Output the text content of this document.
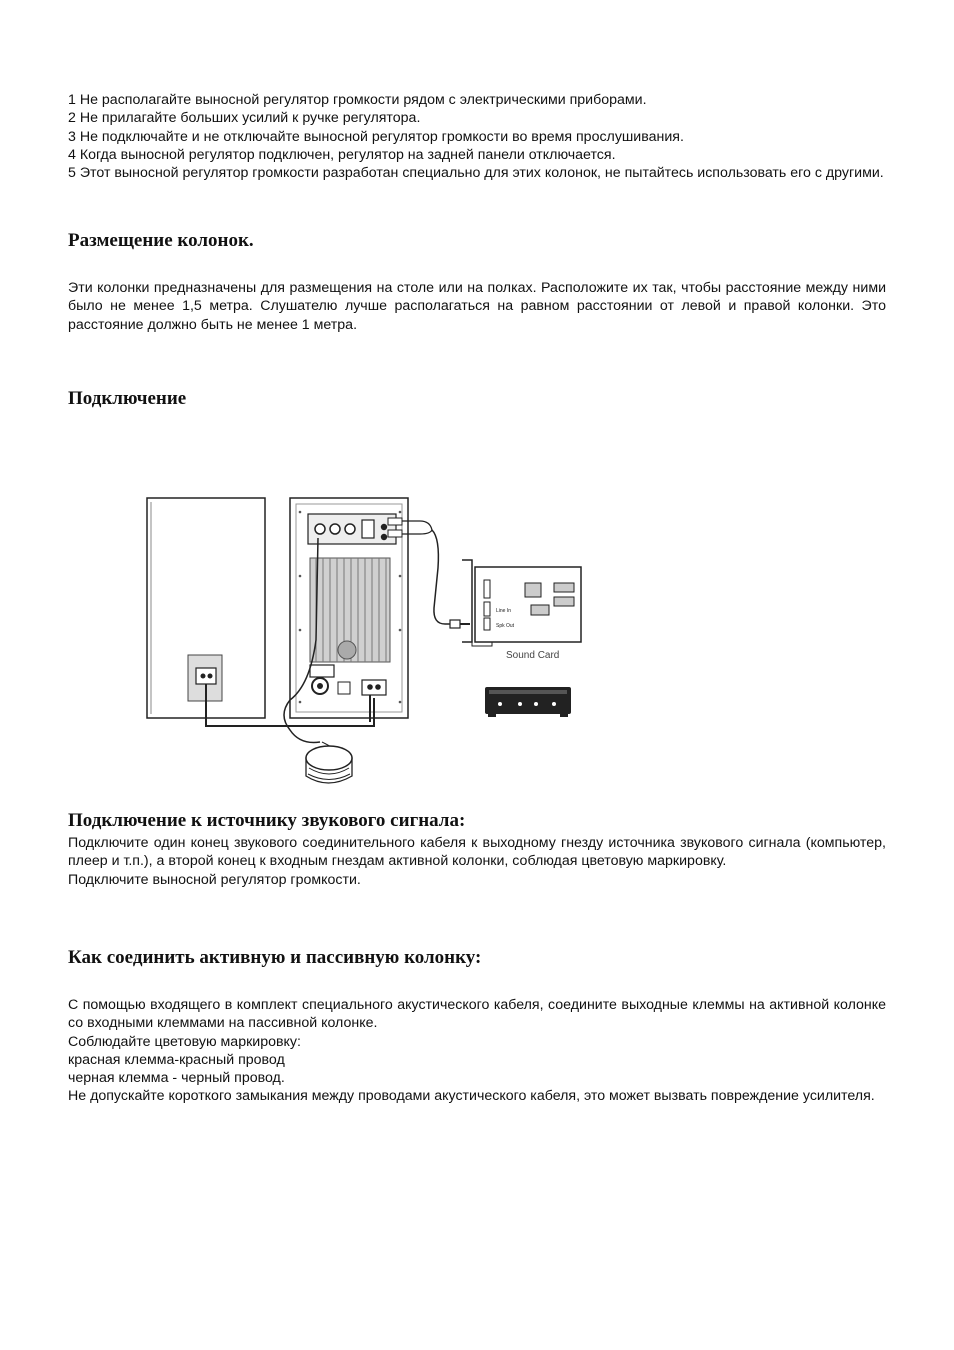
1 Не располагайте выносной регулятор громкости рядом с электрическими приборами.

2 Не прилагайте больших усилий к ручке регулятора.

3 Не подключайте и не отключайте выносной регулятор громкости во время прослушивания.

4 Когда выносной регулятор подключен, регулятор на задней панели отключается.

5 Этот выносной регулятор громкости разработан специально для этих колонок, не пытайтесь использовать его с другими.

Размещение колонок.

Эти колонки предназначены для размещения на столе или на полках. Расположите их так, чтобы расстояние между ними было не менее 1,5 метра. Слушателю лучше располагаться на равном расстоянии от левой и правой колонки. Это расстояние должно быть не менее 1 метра.

Подключение
Line In
Spk Out
Sound Card
Подключение к источнику звукового сигнала:

Подключите один конец звукового соединительного кабеля к выходному гнезду источника звукового сигнала (компьютер, плеер и т.п.), а второй конец к входным гнездам активной колонки, соблюдая цветовую маркировку.

Подключите выносной регулятор громкости.

Как соединить активную и пассивную колонку:

С помощью входящего в комплект специального акустического кабеля, соедините выходные клеммы на активной колонке со входными клеммами на пассивной колонке.

Соблюдайте цветовую маркировку:

красная клемма-красный провод

черная клемма - черный провод.

Не допускайте короткого замыкания между проводами акустического кабеля, это может вызвать повреждение усилителя.
